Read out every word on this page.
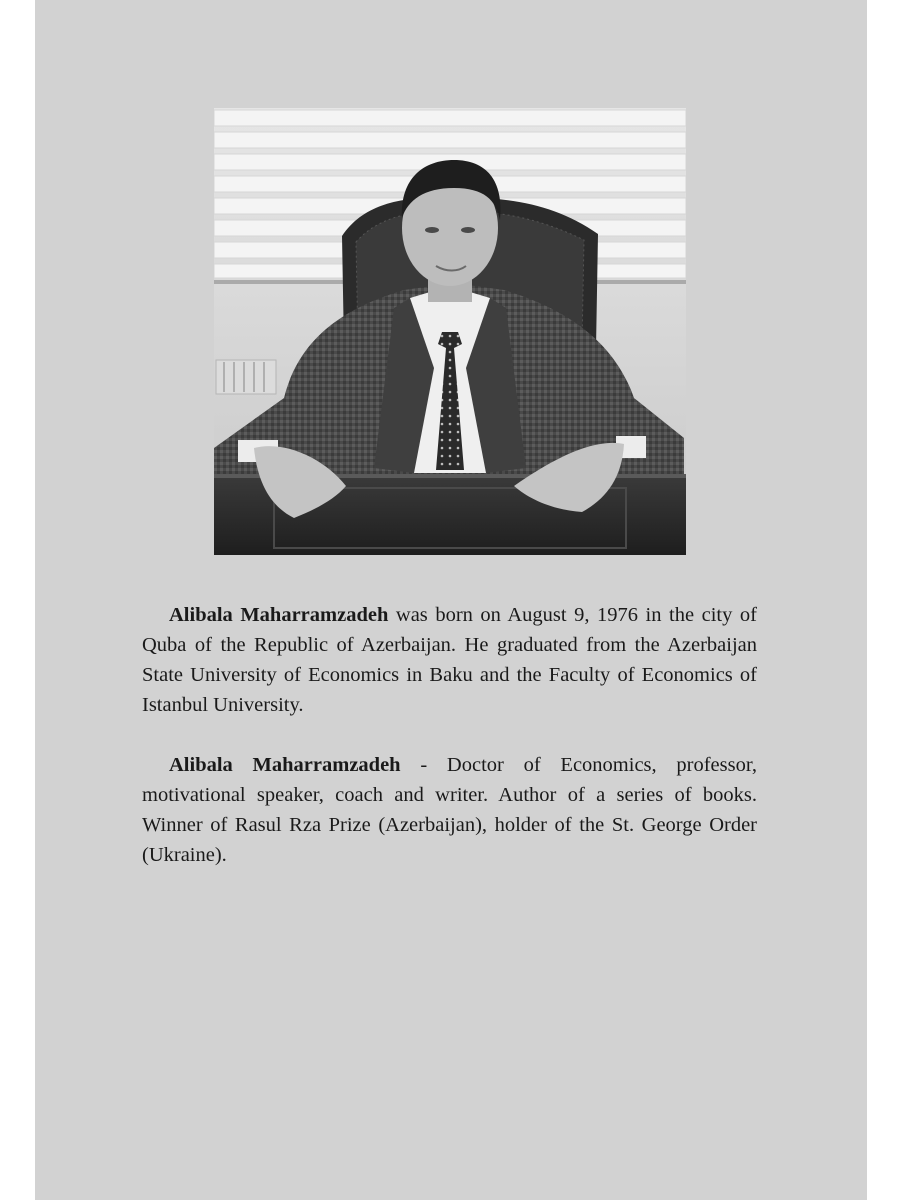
Alibala Maharramzadeh was born on August 9, 1976 in the city of Quba of the Republic of Azerbaijan. He graduated from the Azerbaijan State University of Economics in Baku and the Faculty of Economics of Istanbul University.

Alibala Maharramzadeh - Doctor of Economics, professor, motivational speaker, coach and writer. Author of a series of books. Winner of Rasul Rza Prize (Azerbaijan), holder of the St. George Order (Ukraine).
